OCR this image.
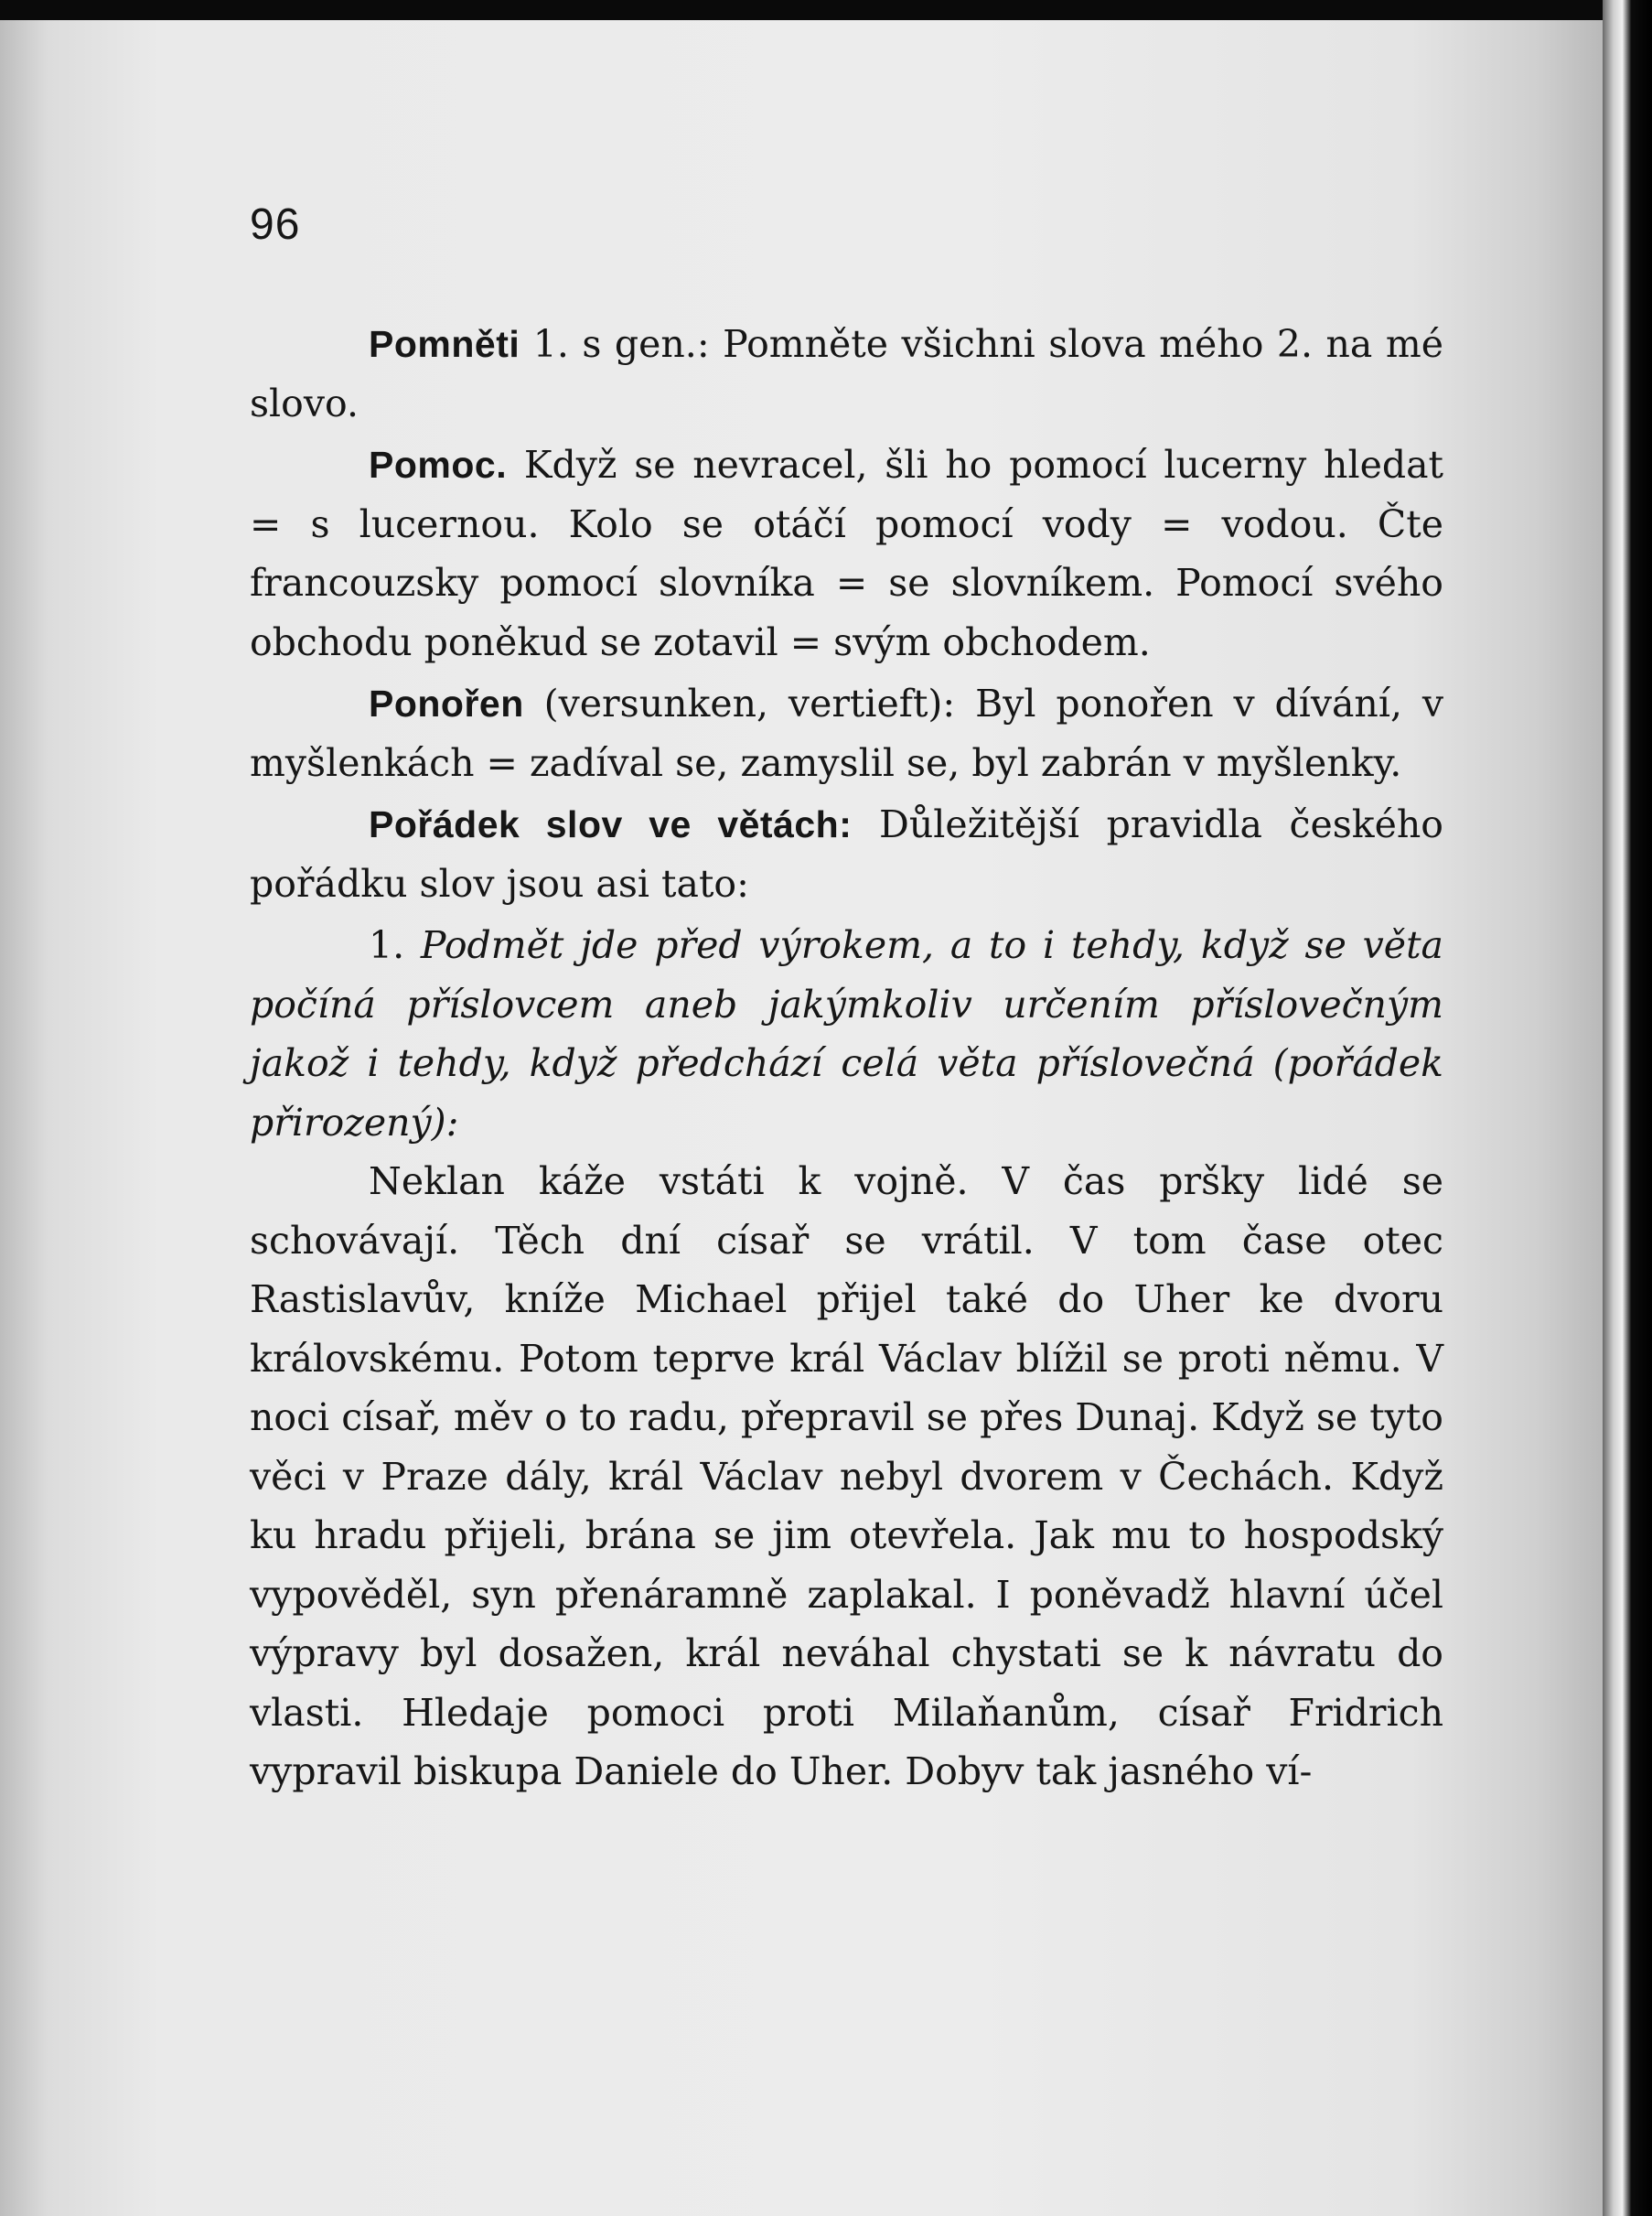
96

Pomněti 1. s gen.: Pomněte všichni slova mého 2. na mé slovo.

Pomoc. Když se nevracel, šli ho pomocí lucerny hledat = s lucernou. Kolo se otáčí pomocí vody = vodou. Čte francouzsky pomocí slovníka = se slovníkem. Pomocí svého obchodu poněkud se zotavil = svým obchodem.

Ponořen (versunken, vertieft): Byl ponořen v dívání, v myšlenkách = zadíval se, zamyslil se, byl zabrán v myšlenky.

Pořádek slov ve větách: Důležitější pravidla českého pořádku slov jsou asi tato:

1. Podmět jde před výrokem, a to i tehdy, když se věta počíná příslovcem aneb jakýmkoliv určením příslovečným jakož i tehdy, když předchází celá věta příslovečná (pořádek přirozený):

Neklan káže vstáti k vojně. V čas pršky lidé se schovávají. Těch dní císař se vrátil. V tom čase otec Rastislavův, kníže Michael přijel také do Uher ke dvoru královskému. Potom teprve král Václav blížil se proti němu. V noci císař, měv o to radu, přepravil se přes Dunaj. Když se tyto věci v Praze dály, král Václav nebyl dvorem v Čechách. Když ku hradu přijeli, brána se jim otevřela. Jak mu to hospodský vypověděl, syn přenáramně zaplakal. I poněvadž hlavní účel výpravy byl dosažen, král neváhal chystati se k návratu do vlasti. Hledaje pomoci proti Milaňanům, císař Fridrich vypravil biskupa Daniele do Uher. Dobyv tak jasného ví-
